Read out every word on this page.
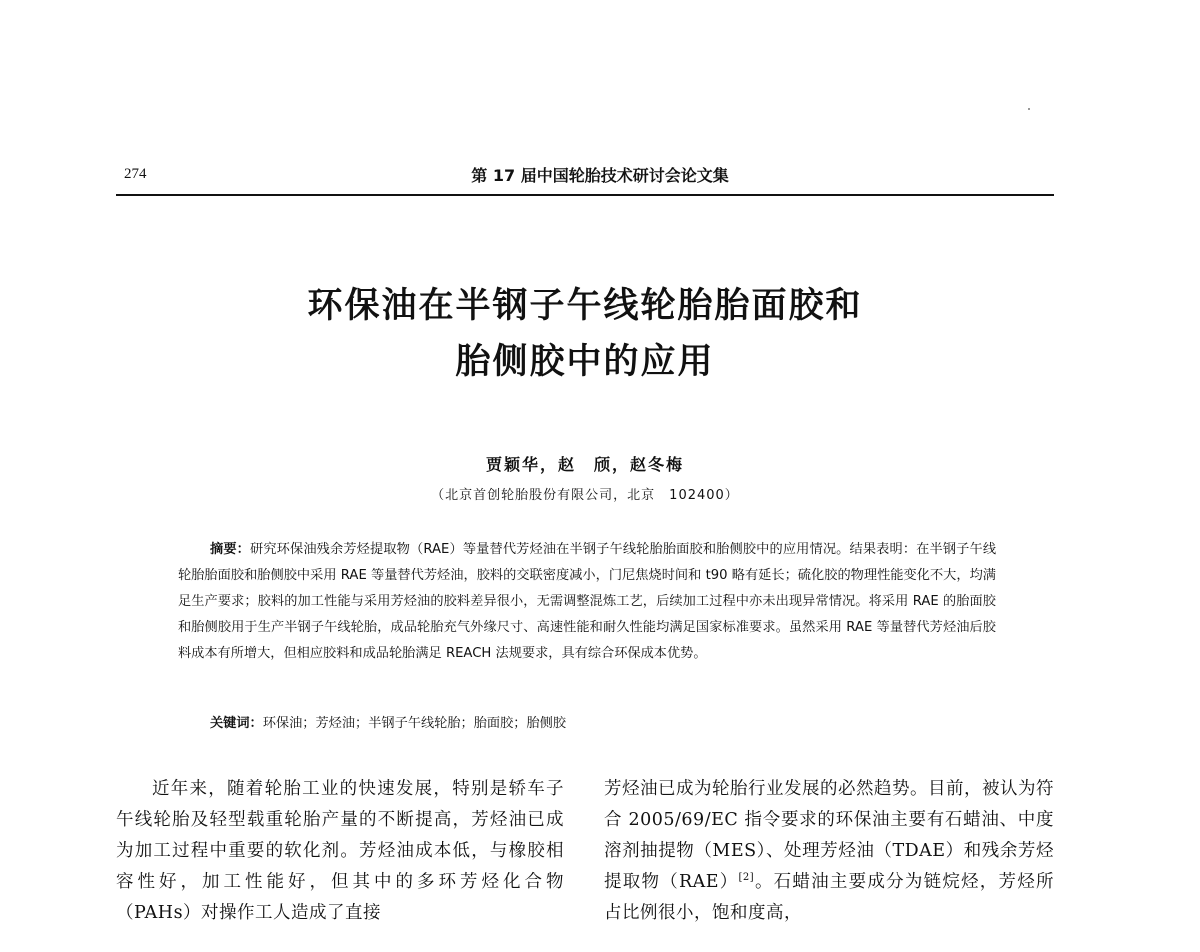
274	第 17 届中国轮胎技术研讨会论文集
环保油在半钢子午线轮胎胎面胶和
胎侧胶中的应用
贾颖华，赵　颀，赵冬梅
（北京首创轮胎股份有限公司，北京　102400）

摘要：研究环保油残余芳烃提取物（RAE）等量替代芳烃油在半钢子午线轮胎胎面胶和胎侧胶中的应用情况。结果表明：在半钢子午线轮胎胎面胶和胎侧胶中采用 RAE 等量替代芳烃油，胶料的交联密度减小，门尼焦烧时间和 t90 略有延长；硫化胶的物理性能变化不大，均满足生产要求；胶料的加工性能与采用芳烃油的胶料差异很小，无需调整混炼工艺，后续加工过程中亦未出现异常情况。将采用 RAE 的胎面胶和胎侧胶用于生产半钢子午线轮胎，成品轮胎充气外缘尺寸、高速性能和耐久性能均满足国家标准要求。虽然采用 RAE 等量替代芳烃油后胶料成本有所增大，但相应胶料和成品轮胎满足 REACH 法规要求，具有综合环保成本优势。

关键词：环保油；芳烃油；半钢子午线轮胎；胎面胶；胎侧胶

近年来，随着轮胎工业的快速发展，特别是轿车子午线轮胎及轻型载重轮胎产量的不断提高，芳烃油已成为加工过程中重要的软化剂。芳烃油成本低，与橡胶相容性好，加工性能好，但其中的多环芳烃化合物（PAHs）对操作工人造成了直接

芳烃油已成为轮胎行业发展的必然趋势。目前，被认为符合 2005/69/EC 指令要求的环保油主要有石蜡油、中度溶剂抽提物（MES）、处理芳烃油（TDAE）和残余芳烃提取物（RAE）[2]。石蜡油主要成分为链烷烃，芳烃所占比例很小，饱和度高，
